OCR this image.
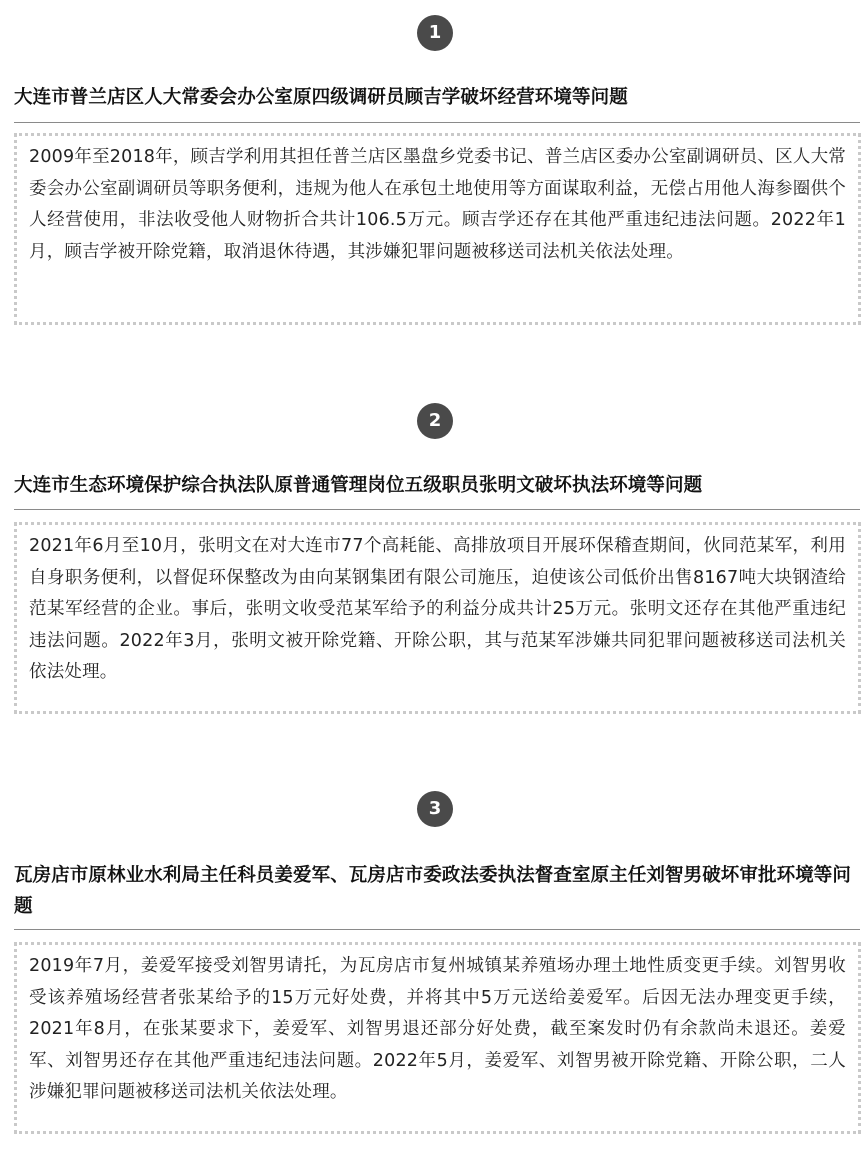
1
大连市普兰店区人大常委会办公室原四级调研员顾吉学破坏经营环境等问题
2009年至2018年，顾吉学利用其担任普兰店区墨盘乡党委书记、普兰店区委办公室副调研员、区人大常委会办公室副调研员等职务便利，违规为他人在承包土地使用等方面谋取利益，无偿占用他人海参圈供个人经营使用，非法收受他人财物折合共计106.5万元。顾吉学还存在其他严重违纪违法问题。2022年1月，顾吉学被开除党籍，取消退休待遇，其涉嫌犯罪问题被移送司法机关依法处理。
2
大连市生态环境保护综合执法队原普通管理岗位五级职员张明文破坏执法环境等问题
2021年6月至10月，张明文在对大连市77个高耗能、高排放项目开展环保稽查期间，伙同范某军，利用自身职务便利，以督促环保整改为由向某钢集团有限公司施压，迫使该公司低价出售8167吨大块钢渣给范某军经营的企业。事后，张明文收受范某军给予的利益分成共计25万元。张明文还存在其他严重违纪违法问题。2022年3月，张明文被开除党籍、开除公职，其与范某军涉嫌共同犯罪问题被移送司法机关依法处理。
3
瓦房店市原林业水利局主任科员姜爱军、瓦房店市委政法委执法督查室原主任刘智男破坏审批环境等问题
2019年7月，姜爱军接受刘智男请托，为瓦房店市复州城镇某养殖场办理土地性质变更手续。刘智男收受该养殖场经营者张某给予的15万元好处费，并将其中5万元送给姜爱军。后因无法办理变更手续，2021年8月，在张某要求下，姜爱军、刘智男退还部分好处费，截至案发时仍有余款尚未退还。姜爱军、刘智男还存在其他严重违纪违法问题。2022年5月，姜爱军、刘智男被开除党籍、开除公职，二人涉嫌犯罪问题被移送司法机关依法处理。
